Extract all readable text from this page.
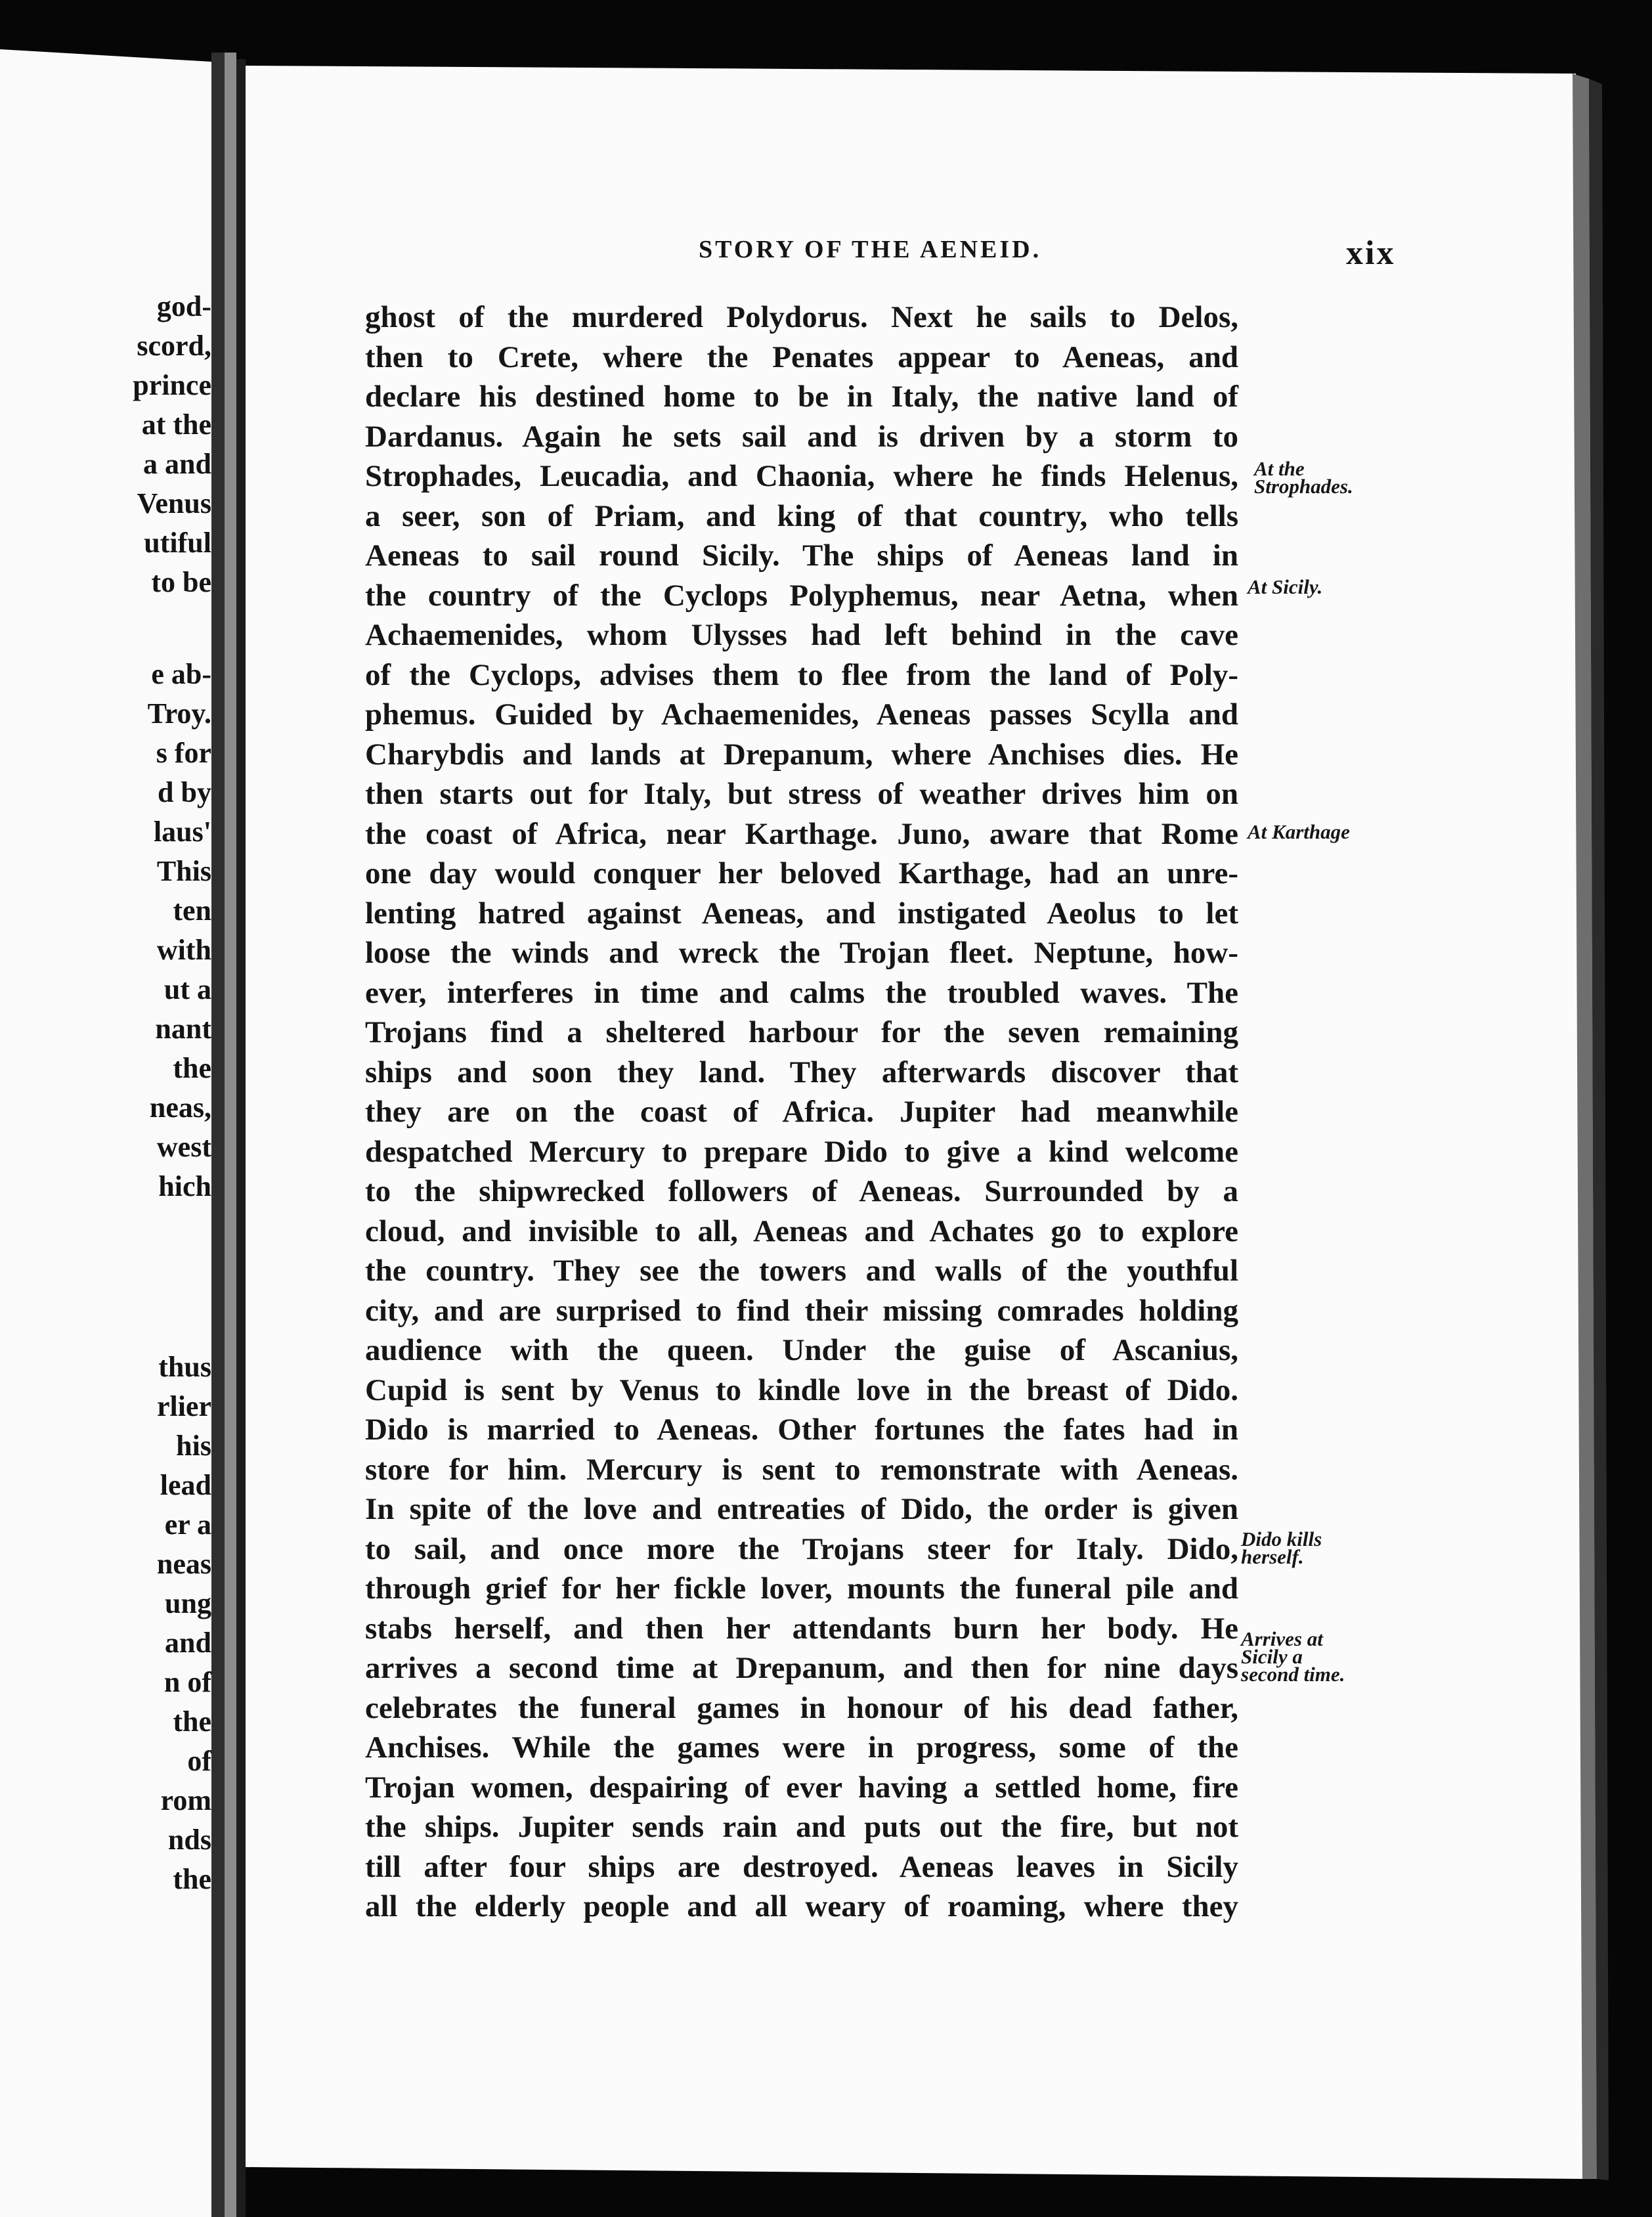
god-
scord,
prince
at the
a and
Venus
utiful
to be
e ab-
Troy.
s for
d by
laus'
This
ten
with
ut a
nant
the
neas,
west
hich
thus
rlier
his
lead
er a
neas
ung
and
n of
the
of
rom
nds
the
STORY OF THE AENEID.	xix

ghost of the murdered Polydorus. Next he sails to Delos,

then to Crete, where the Penates appear to Aeneas, and

declare his destined home to be in Italy, the native land of

Dardanus. Again he sets sail and is driven by a storm to

Strophades, Leucadia, and Chaonia, where he finds Helenus,

a seer, son of Priam, and king of that country, who tells

Aeneas to sail round Sicily. The ships of Aeneas land in

the country of the Cyclops Polyphemus, near Aetna, when

Achaemenides, whom Ulysses had left behind in the cave

of the Cyclops, advises them to flee from the land of Poly-

phemus. Guided by Achaemenides, Aeneas passes Scylla and

Charybdis and lands at Drepanum, where Anchises dies. He

then starts out for Italy, but stress of weather drives him on

the coast of Africa, near Karthage. Juno, aware that Rome

one day would conquer her beloved Karthage, had an unre-

lenting hatred against Aeneas, and instigated Aeolus to let

loose the winds and wreck the Trojan fleet. Neptune, how-

ever, interferes in time and calms the troubled waves. The

Trojans find a sheltered harbour for the seven remaining

ships and soon they land. They afterwards discover that

they are on the coast of Africa. Jupiter had meanwhile

despatched Mercury to prepare Dido to give a kind welcome

to the shipwrecked followers of Aeneas. Surrounded by a

cloud, and invisible to all, Aeneas and Achates go to explore

the country. They see the towers and walls of the youthful

city, and are surprised to find their missing comrades holding

audience with the queen. Under the guise of Ascanius,

Cupid is sent by Venus to kindle love in the breast of Dido.

Dido is married to Aeneas. Other fortunes the fates had in

store for him. Mercury is sent to remonstrate with Aeneas.

In spite of the love and entreaties of Dido, the order is given

to sail, and once more the Trojans steer for Italy. Dido,

through grief for her fickle lover, mounts the funeral pile and

stabs herself, and then her attendants burn her body. He

arrives a second time at Drepanum, and then for nine days

celebrates the funeral games in honour of his dead father,

Anchises. While the games were in progress, some of the

Trojan women, despairing of ever having a settled home, fire

the ships. Jupiter sends rain and puts out the fire, but not

till after four ships are destroyed. Aeneas leaves in Sicily

all the elderly people and all weary of roaming, where they

At the
Strophades.
At Sicily.
At Karthage
Dido kills
herself.
Arrives at
Sicily a
second time.
